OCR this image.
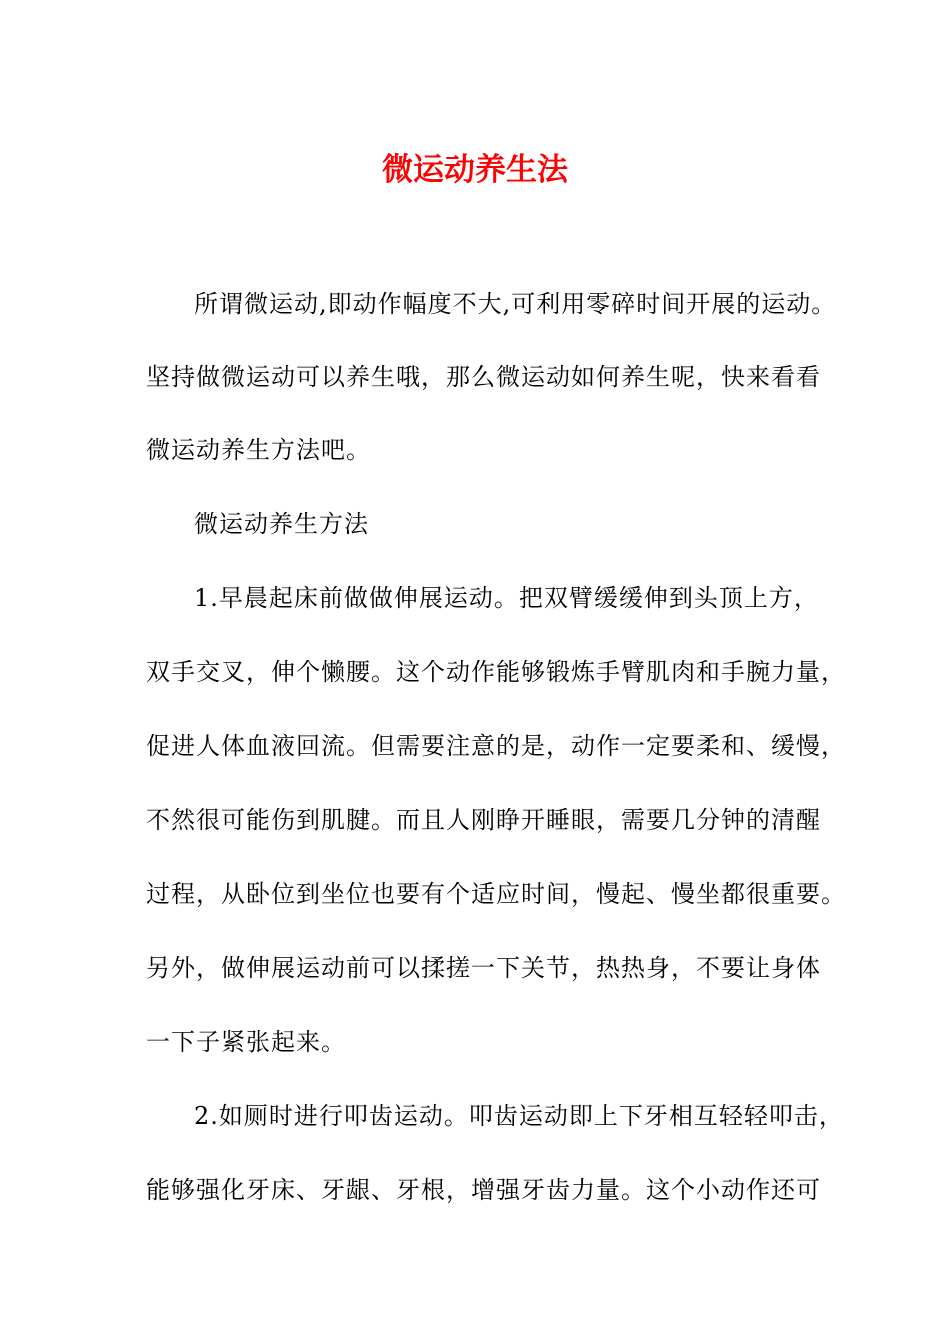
微运动养生法
所谓微运动,即动作幅度不大,可利用零碎时间开展的运动。
坚持做微运动可以养生哦，那么微运动如何养生呢，快来看看
微运动养生方法吧。
微运动养生方法
1.早晨起床前做做伸展运动。把双臂缓缓伸到头顶上方，
双手交叉，伸个懒腰。这个动作能够锻炼手臂肌肉和手腕力量，
促进人体血液回流。但需要注意的是，动作一定要柔和、缓慢，
不然很可能伤到肌腱。而且人刚睁开睡眼，需要几分钟的清醒
过程，从卧位到坐位也要有个适应时间，慢起、慢坐都很重要。
另外，做伸展运动前可以揉搓一下关节，热热身，不要让身体
一下子紧张起来。
2.如厕时进行叩齿运动。叩齿运动即上下牙相互轻轻叩击，
能够强化牙床、牙龈、牙根，增强牙齿力量。这个小动作还可
